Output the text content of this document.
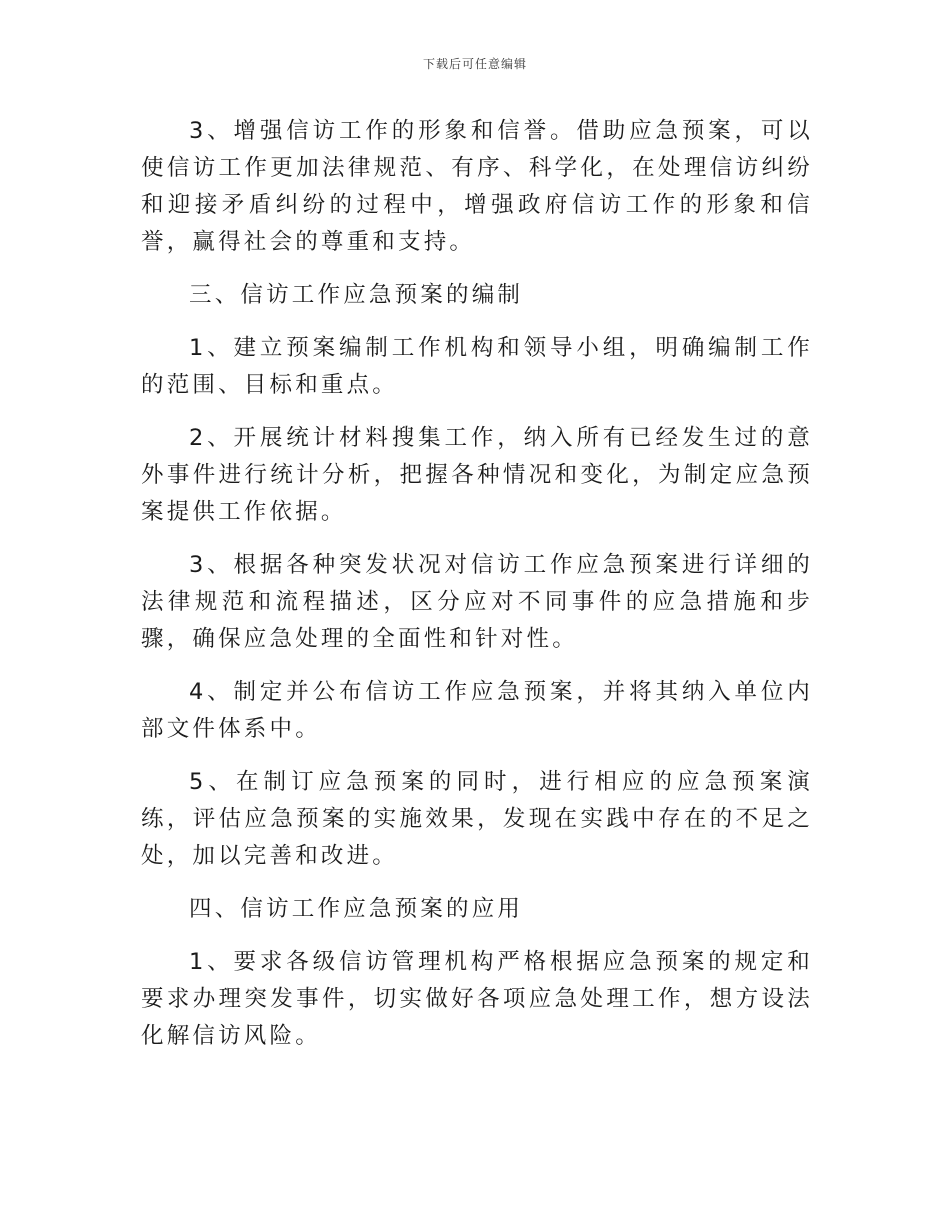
下载后可任意编辑

3、增强信访工作的形象和信誉。借助应急预案，可以使信访工作更加法律规范、有序、科学化，在处理信访纠纷和迎接矛盾纠纷的过程中，增强政府信访工作的形象和信誉，赢得社会的尊重和支持。

三、信访工作应急预案的编制

1、建立预案编制工作机构和领导小组，明确编制工作的范围、目标和重点。

2、开展统计材料搜集工作，纳入所有已经发生过的意外事件进行统计分析，把握各种情况和变化，为制定应急预案提供工作依据。

3、根据各种突发状况对信访工作应急预案进行详细的法律规范和流程描述，区分应对不同事件的应急措施和步骤，确保应急处理的全面性和针对性。

4、制定并公布信访工作应急预案，并将其纳入单位内部文件体系中。

5、在制订应急预案的同时，进行相应的应急预案演练，评估应急预案的实施效果，发现在实践中存在的不足之处，加以完善和改进。

四、信访工作应急预案的应用

1、要求各级信访管理机构严格根据应急预案的规定和要求办理突发事件，切实做好各项应急处理工作，想方设法化解信访风险。
